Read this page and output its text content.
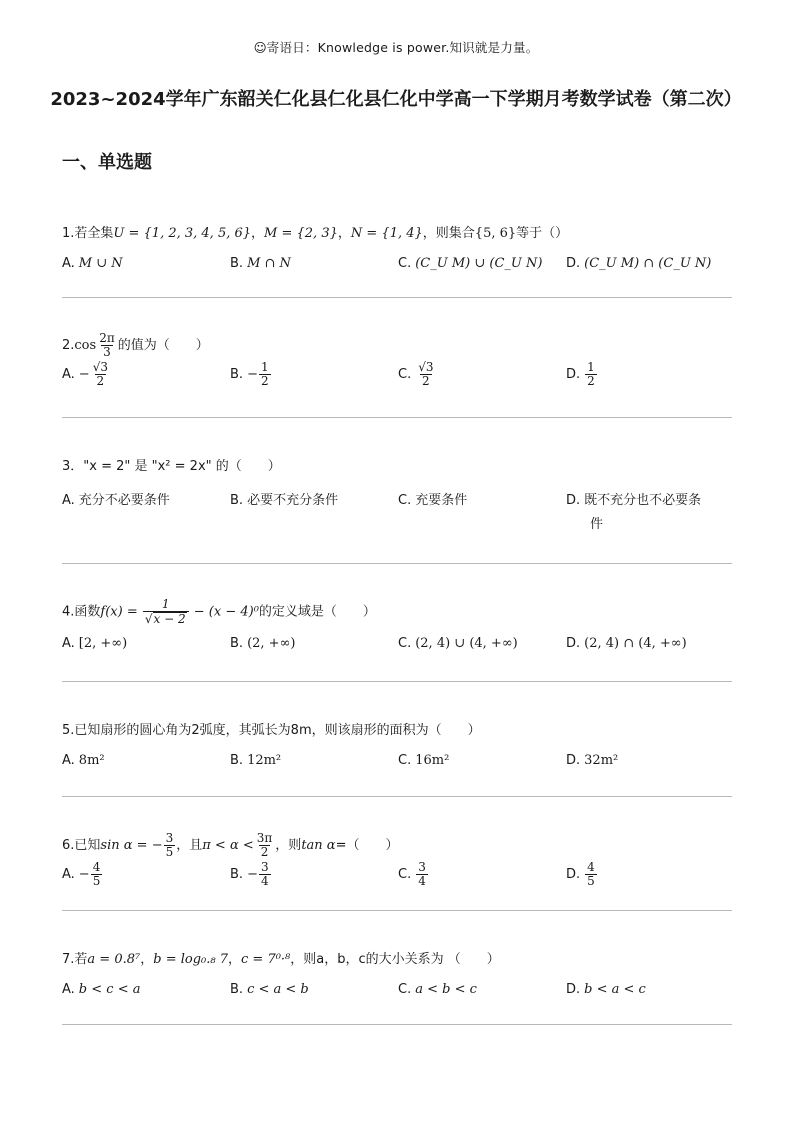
☺寄语日：Knowledge is power.知识就是力量。
2023~2024学年广东韶关仁化县仁化县仁化中学高一下学期月考数学试卷（第二次）
一、单选题
1.若全集U = {1, 2, 3, 4, 5, 6}，M = {2, 3}，N = {1, 4}，则集合{5, 6}等于（）
A. M ∪ N	B. M ∩ N	C. (C_U M) ∪ (C_U N) D. (C_U M) ∩ (C_U N)
$2.\cos \frac{2\pi}{3}$ 的值为（　　）
A. − $\frac{√3}{2}$	B. − $\frac{1}{2}$	C. $\frac{√3}{2}$	D. $\frac{1}{2}$
3．"x = 2" 是 "x² = 2x" 的（　　）
A. 充分不必要条件	B. 必要不充分条件	C. 充要条件	D. 既不充分也不必要条
件
4.函数$f(x) = \frac{1}{√x - 2} - (x - 4)^0$的定义域是（　　）
A. [2, +∞)	B. (2, +∞)	C. (2, 4) ∪ (4, +∞)	D. (2, 4) ∩ (4, +∞)
5.已知扇形的圆心角为2弧度，其弧长为8m，则该扇形的面积为（　　）
A. 8m²	B. 12m²	C. 16m²	D. 32m²
6.已知sin α = − $\frac{3}{5}$ ，且$\pi < \alpha < \frac{3\pi}{2}$ ，则tan α=（　　）
A. − $\frac{4}{5}$	B. − $\frac{3}{4}$	C. $\frac{3}{4}$	D. $\frac{4}{5}$
7.若a = 0.8⁷，b = log₀.₈ 7，c = 7⁰·⁸，则a，b，c的大小关系为 （　　）
A. b < c < a	B. c < a < b	C. a < b < c	D. b < a < c
